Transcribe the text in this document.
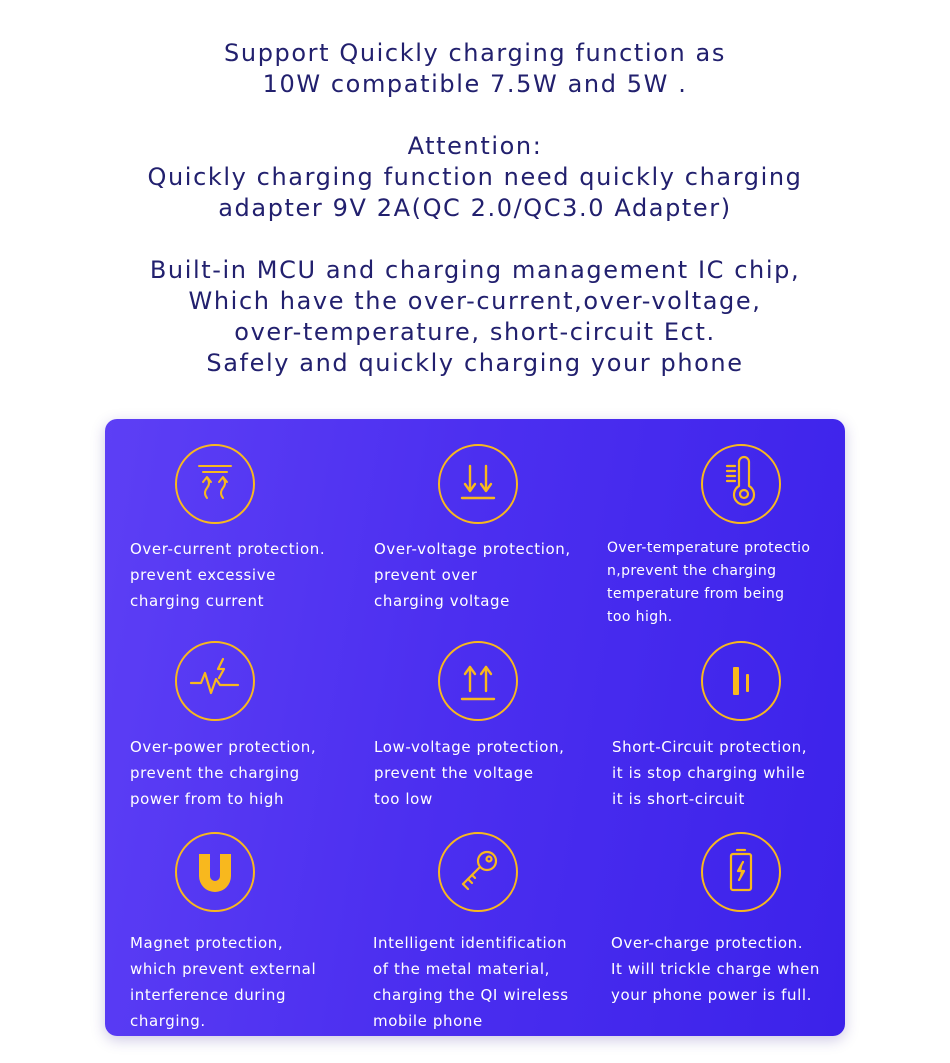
Support Quickly charging function as
10W compatible 7.5W and 5W .
Attention:
Quickly charging function need quickly charging
adapter 9V 2A(QC 2.0/QC3.0 Adapter)
Built-in MCU and charging management IC chip,
Which have the over-current,over-voltage,
over-temperature, short-circuit Ect.
Safely and quickly charging your phone
Over-current protection.
prevent excessive
charging current
Over-voltage protection,
prevent over
charging voltage
Over-temperature protectio
n,prevent the charging
temperature from being
too high.
Over-power protection,
prevent the charging
power from to high
Low-voltage protection,
prevent the voltage
too low
Short-Circuit protection,
it is stop charging while
it is short-circuit
Magnet protection,
which prevent external
interference during
charging.
Intelligent identification
of the metal material,
charging the QI wireless
mobile phone
Over-charge protection.
It will trickle charge when
your phone power is full.
